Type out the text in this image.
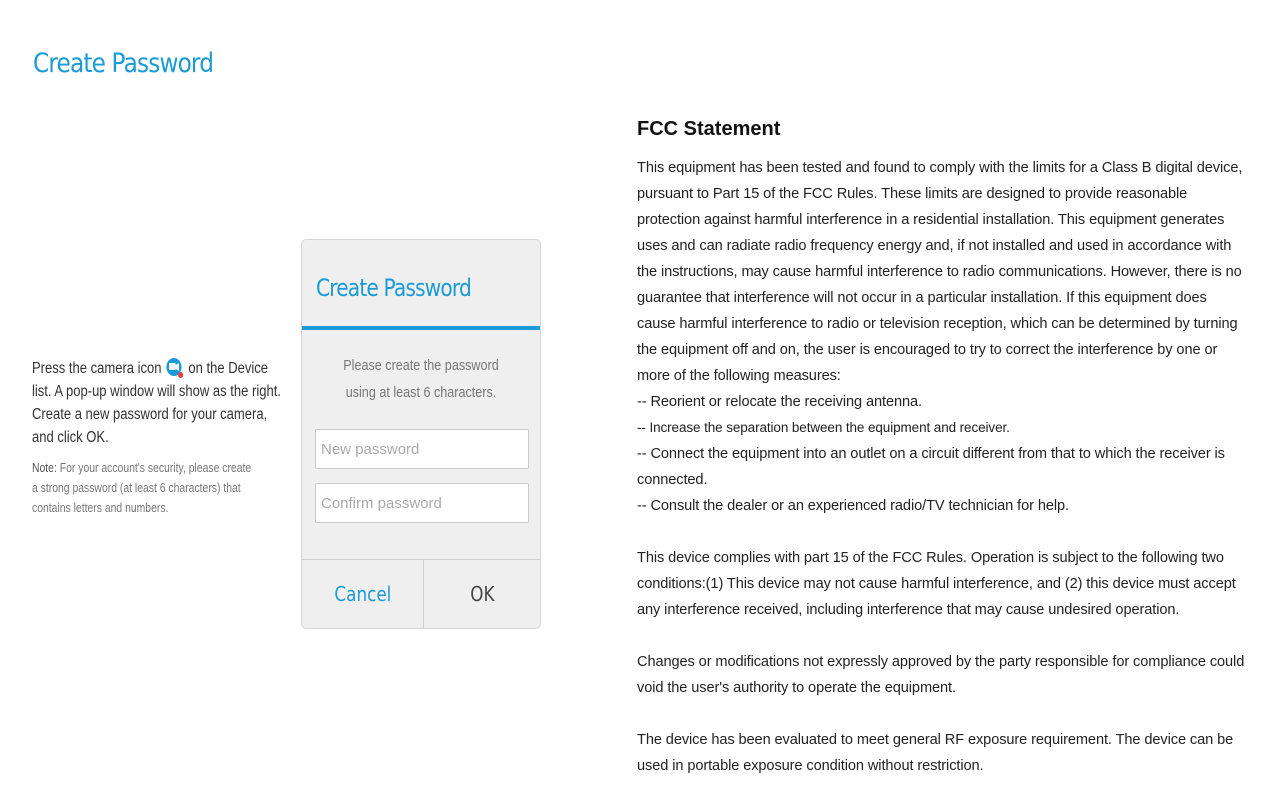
Create Password
Press the camera icon on the Device list. A pop-up window will show as the right. Create a new password for your camera, and click OK.
Note: For your account's security, please create a strong password (at least 6 characters) that contains letters and numbers.
Create Password
Please create the password using at least 6 characters.
Cancel	OK
FCC Statement

This equipment has been tested and found to comply with the limits for a Class B digital device, pursuant to Part 15 of the FCC Rules. These limits are designed to provide reasonable protection against harmful interference in a residential installation. This equipment generates uses and can radiate radio frequency energy and, if not installed and used in accordance with the instructions, may cause harmful interference to radio communications. However, there is no guarantee that interference will not occur in a particular installation. If this equipment does cause harmful interference to radio or television reception, which can be determined by turning the equipment off and on, the user is encouraged to try to correct the interference by one or more of the following measures:

-- Reorient or relocate the receiving antenna.

-- Increase the separation between the equipment and receiver.

-- Connect the equipment into an outlet on a circuit different from that to which the receiver is connected.

-- Consult the dealer or an experienced radio/TV technician for help.

This device complies with part 15 of the FCC Rules. Operation is subject to the following two conditions:(1) This device may not cause harmful interference, and (2) this device must accept any interference received, including interference that may cause undesired operation.

Changes or modifications not expressly approved by the party responsible for compliance could void the user's authority to operate the equipment.

The device has been evaluated to meet general RF exposure requirement. The device can be used in portable exposure condition without restriction.
